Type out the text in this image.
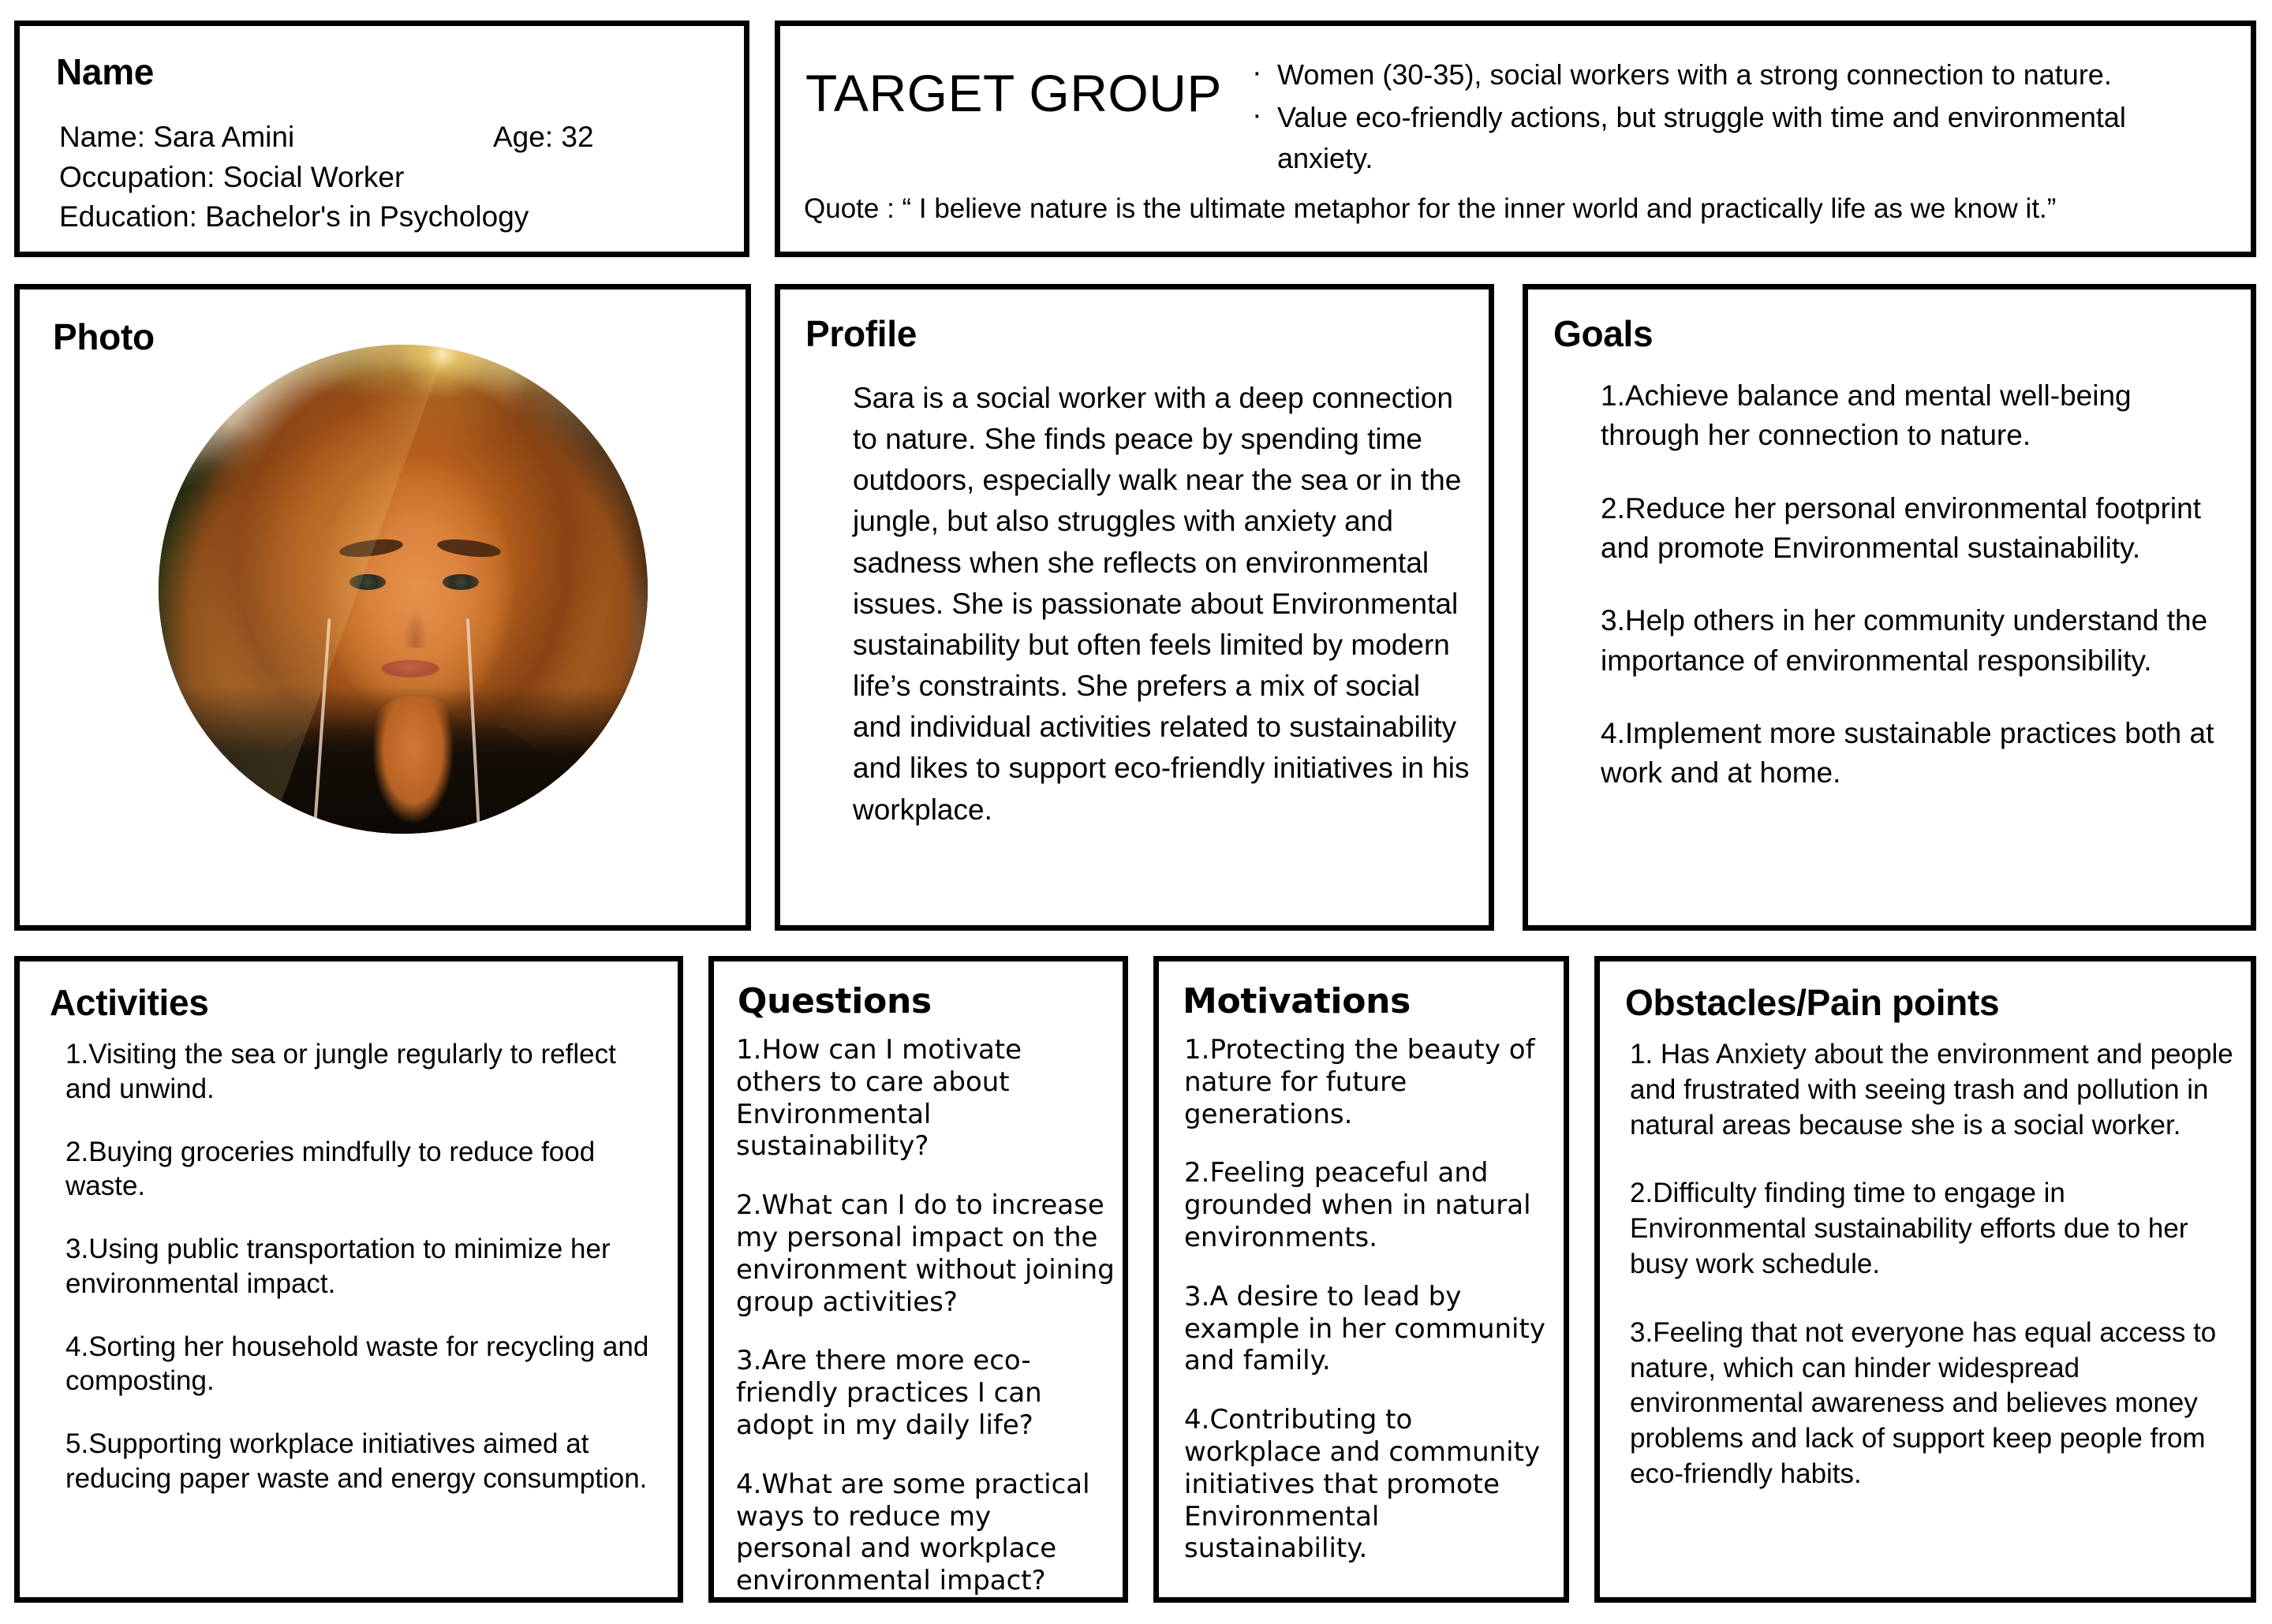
Name
Name: Sara Amini	Age: 32
Occupation: Social Worker
Education: Bachelor's in Psychology
TARGET GROUP	· Women (30-35), social workers with a strong connection to nature.
· Value eco-friendly actions, but struggle with time and environmental anxiety.
Quote : “ I believe nature is the ultimate metaphor for the inner world and practically life as we know it.”
Photo	Profile
Sara is a social worker with a deep connection to nature. She finds peace by spending time outdoors, especially walk near the sea or in the jungle, but also struggles with anxiety and sadness when she reflects on environmental issues. She is passionate about Environmental sustainability but often feels limited by modern life’s constraints. She prefers a mix of social and individual activities related to sustainability and likes to support eco-friendly initiatives in his workplace.
Goals
1.Achieve balance and mental well-being through her connection to nature.
2.Reduce her personal environmental footprint and promote Environmental sustainability.
3.Help others in her community understand the importance of environmental responsibility.
4.Implement more sustainable practices both at work and at home.
Activities
1.Visiting the sea or jungle regularly to reflect and unwind.
2.Buying groceries mindfully to reduce food waste.
3.Using public transportation to minimize her environmental impact.
4.Sorting her household waste for recycling and composting.
5.Supporting workplace initiatives aimed at reducing paper waste and energy consumption.
Questions
1.How can I motivate others to care about Environmental sustainability?
2.What can I do to increase my personal impact on the environment without joining group activities?
3.Are there more eco-friendly practices I can adopt in my daily life?
4.What are some practical ways to reduce my personal and workplace environmental impact?
Motivations
1.Protecting the beauty of nature for future generations.
2.Feeling peaceful and grounded when in natural environments.
3.A desire to lead by example in her community and family.
4.Contributing to workplace and community initiatives that promote Environmental sustainability.
Obstacles/Pain points
1. Has Anxiety about the environment and people and frustrated with seeing trash and pollution in natural areas because she is a social worker.
2.Difficulty finding time to engage in Environmental sustainability efforts due to her busy work schedule.
3.Feeling that not everyone has equal access to nature, which can hinder widespread environmental awareness and believes money problems and lack of support keep people from eco-friendly habits.
